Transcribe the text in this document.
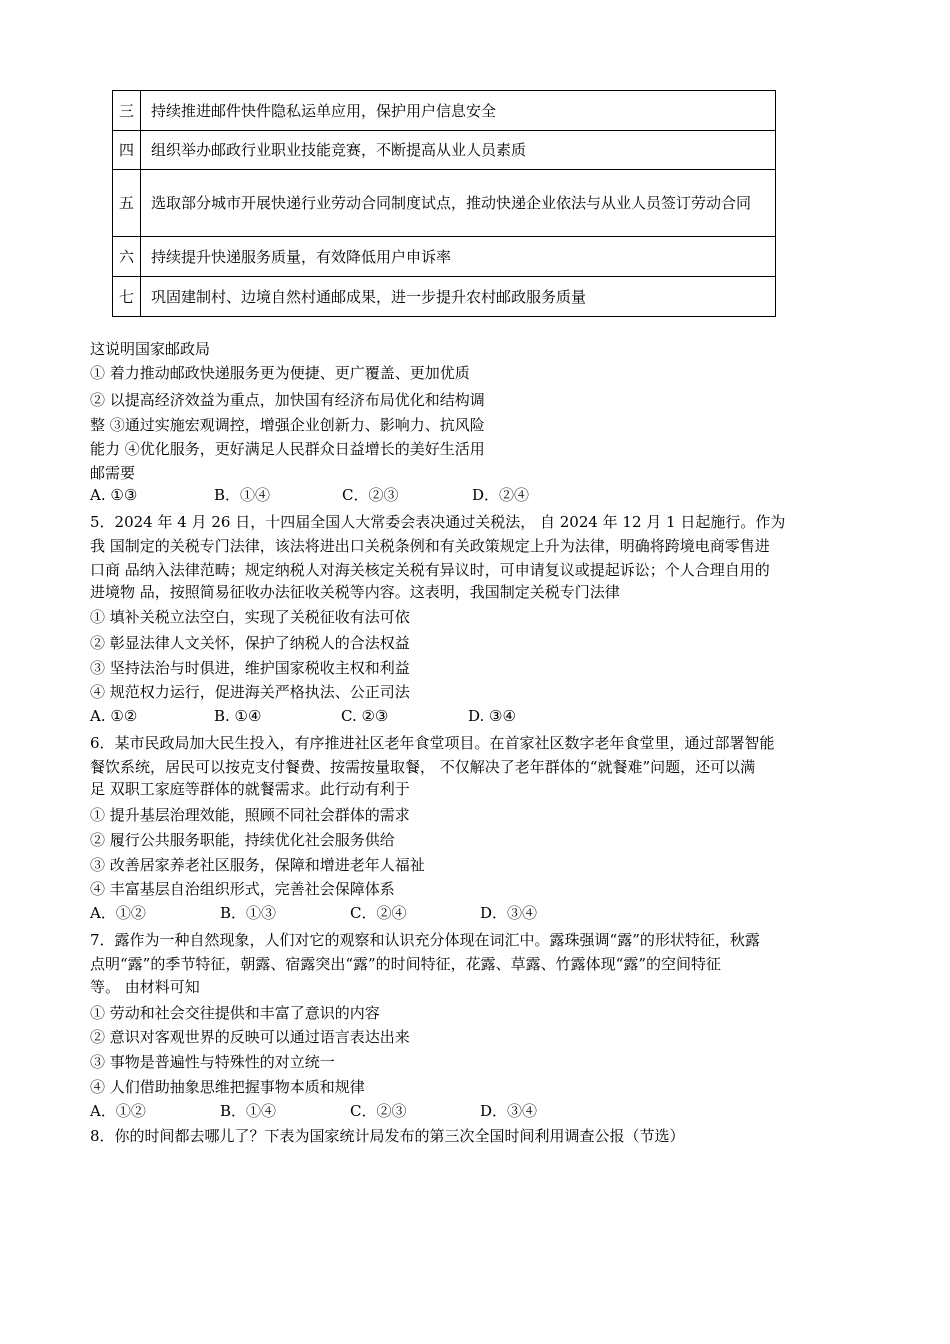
三	持续推进邮件快件隐私运单应用，保护用户信息安全
四	组织举办邮政行业职业技能竞赛，不断提高从业人员素质
五	选取部分城市开展快递行业劳动合同制度试点，推动快递企业依法与从业人员签订劳动合同
六	持续提升快递服务质量，有效降低用户申诉率
七	巩固建制村、边境自然村通邮成果，进一步提升农村邮政服务质量
这说明国家邮政局
① 着力推动邮政快递服务更为便捷、更广覆盖、更加优质
② 以提高经济效益为重点，加快国有经济布局优化和结构调
整 ③通过实施宏观调控，增强企业创新力、影响力、抗风险
能力 ④优化服务，更好满足人民群众日益增长的美好生活用
邮需要
A. ①③	B．①④	C．②③	D．②④
5．2024 年 4 月 26 日，十四届全国人大常委会表决通过关税法， 自 2024 年 12 月 1 日起施行。作为
我 国制定的关税专门法律，该法将进出口关税条例和有关政策规定上升为法律，明确将跨境电商零售进
口商 品纳入法律范畴；规定纳税人对海关核定关税有异议时，可申请复议或提起诉讼；个人合理自用的
进境物 品，按照简易征收办法征收关税等内容。这表明，我国制定关税专门法律
① 填补关税立法空白，实现了关税征收有法可依
② 彰显法律人文关怀，保护了纳税人的合法权益
③ 坚持法治与时俱进，维护国家税收主权和利益
④ 规范权力运行，促进海关严格执法、公正司法
A. ①②	B. ①④	C. ②③	D. ③④
6．某市民政局加大民生投入，有序推进社区老年食堂项目。在首家社区数字老年食堂里，通过部署智能
餐饮系统，居民可以按克支付餐费、按需按量取餐， 不仅解决了老年群体的“就餐难”问题，还可以满
足 双职工家庭等群体的就餐需求。此行动有利于
① 提升基层治理效能，照顾不同社会群体的需求
② 履行公共服务职能，持续优化社会服务供给
③ 改善居家养老社区服务，保障和增进老年人福祉
④ 丰富基层自治组织形式，完善社会保障体系
A．①②	B．①③	C．②④	D．③④
7．露作为一种自然现象，人们对它的观察和认识充分体现在词汇中。露珠强调“露”的形状特征，秋露
点明“露”的季节特征，朝露、宿露突出“露”的时间特征，花露、草露、竹露体现“露”的空间特征
等。 由材料可知
① 劳动和社会交往提供和丰富了意识的内容
② 意识对客观世界的反映可以通过语言表达出来
③ 事物是普遍性与特殊性的对立统一
④ 人们借助抽象思维把握事物本质和规律
A．①②	B．①④	C．②③	D．③④
8．你的时间都去哪儿了？下表为国家统计局发布的第三次全国时间利用调查公报（节选）
